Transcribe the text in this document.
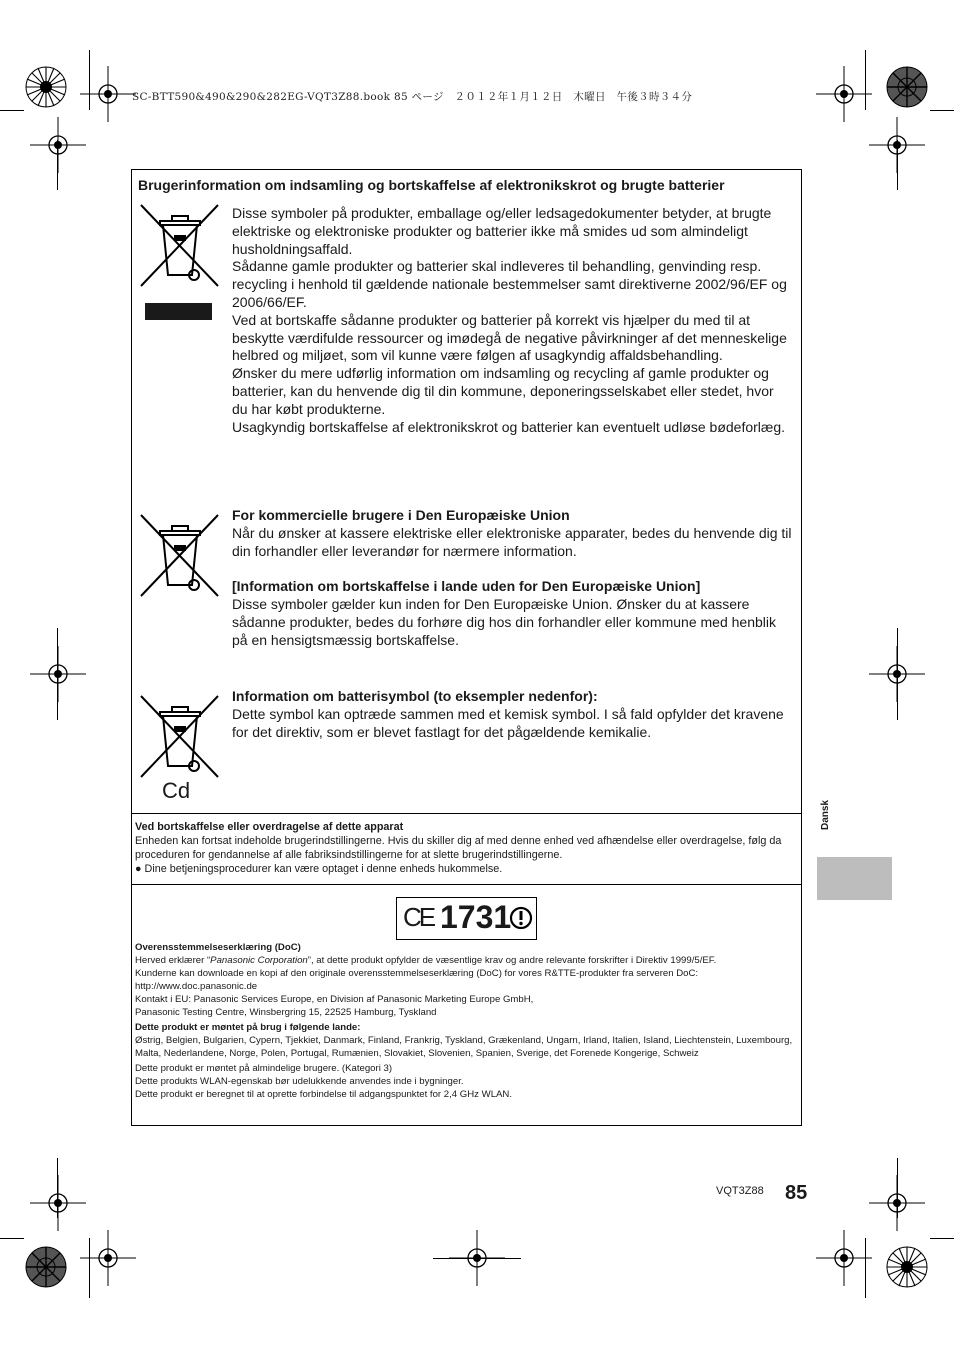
SC-BTT590&490&290&282EG-VQT3Z88.book 85 ページ　２０１２年１月１２日　木曜日　午後３時３４分
Brugerinformation om indsamling og bortskaffelse af elektronikskrot og brugte batterier

Disse symboler på produkter, emballage og/eller ledsagedokumenter betyder, at brugte elektriske og elektroniske produkter og batterier ikke må smides ud som almindeligt husholdningsaffald.

Sådanne gamle produkter og batterier skal indleveres til behandling, genvinding resp. recycling i henhold til gældende nationale bestemmelser samt direktiverne 2002/96/EF og 2006/66/EF.

Ved at bortskaffe sådanne produkter og batterier på korrekt vis hjælper du med til at beskytte værdifulde ressourcer og imødegå de negative påvirkninger af det menneskelige helbred og miljøet, som vil kunne være følgen af usagkyndig affaldsbehandling.

Ønsker du mere udførlig information om indsamling og recycling af gamle produkter og batterier, kan du henvende dig til din kommune, deponeringsselskabet eller stedet, hvor du har købt produkterne.

Usagkyndig bortskaffelse af elektronikskrot og batterier kan eventuelt udløse bødeforlæg.

For kommercielle brugere i Den Europæiske Union

Når du ønsker at kassere elektriske eller elektroniske apparater, bedes du henvende dig til din forhandler eller leverandør for nærmere information.

[Information om bortskaffelse i lande uden for Den Europæiske Union]

Disse symboler gælder kun inden for Den Europæiske Union. Ønsker du at kassere sådanne produkter, bedes du forhøre dig hos din forhandler eller kommune med henblik på en hensigtsmæssig bortskaffelse.

Cd

Information om batterisymbol (to eksempler nedenfor):

Dette symbol kan optræde sammen med et kemisk symbol. I så fald opfylder det kravene for det direktiv, som er blevet fastlagt for det pågældende kemikalie.

Ved bortskaffelse eller overdragelse af dette apparat

Enheden kan fortsat indeholde brugerindstillingerne. Hvis du skiller dig af med denne enhed ved afhændelse eller overdragelse, følg da proceduren for gendannelse af alle fabriksindstillingerne for at slette brugerindstillingerne.

● Dine betjeningsprocedurer kan være optaget i denne enheds hukommelse.

CE 1731

Overensstemmelseserklæring (DoC)

Herved erklærer “Panasonic Corporation”, at dette produkt opfylder de væsentlige krav og andre relevante forskrifter i Direktiv 1999/5/EF.

Kunderne kan downloade en kopi af den originale overensstemmelseserklæring (DoC) for vores R&TTE-produkter fra serveren DoC:

http://www.doc.panasonic.de

Kontakt i EU: Panasonic Services Europe, en Division af Panasonic Marketing Europe GmbH,

Panasonic Testing Centre, Winsbergring 15, 22525 Hamburg, Tyskland

Dette produkt er møntet på brug i følgende lande:

Østrig, Belgien, Bulgarien, Cypern, Tjekkiet, Danmark, Finland, Frankrig, Tyskland, Grækenland, Ungarn, Irland, Italien, Island, Liechtenstein, Luxembourg, Malta, Nederlandene, Norge, Polen, Portugal, Rumænien, Slovakiet, Slovenien, Spanien, Sverige, det Forenede Kongerige, Schweiz

Dette produkt er møntet på almindelige brugere. (Kategori 3)

Dette produkts WLAN-egenskab bør udelukkende anvendes inde i bygninger.

Dette produkt er beregnet til at oprette forbindelse til adgangspunktet for 2,4 GHz WLAN.

Dansk
VQT3Z88 85
